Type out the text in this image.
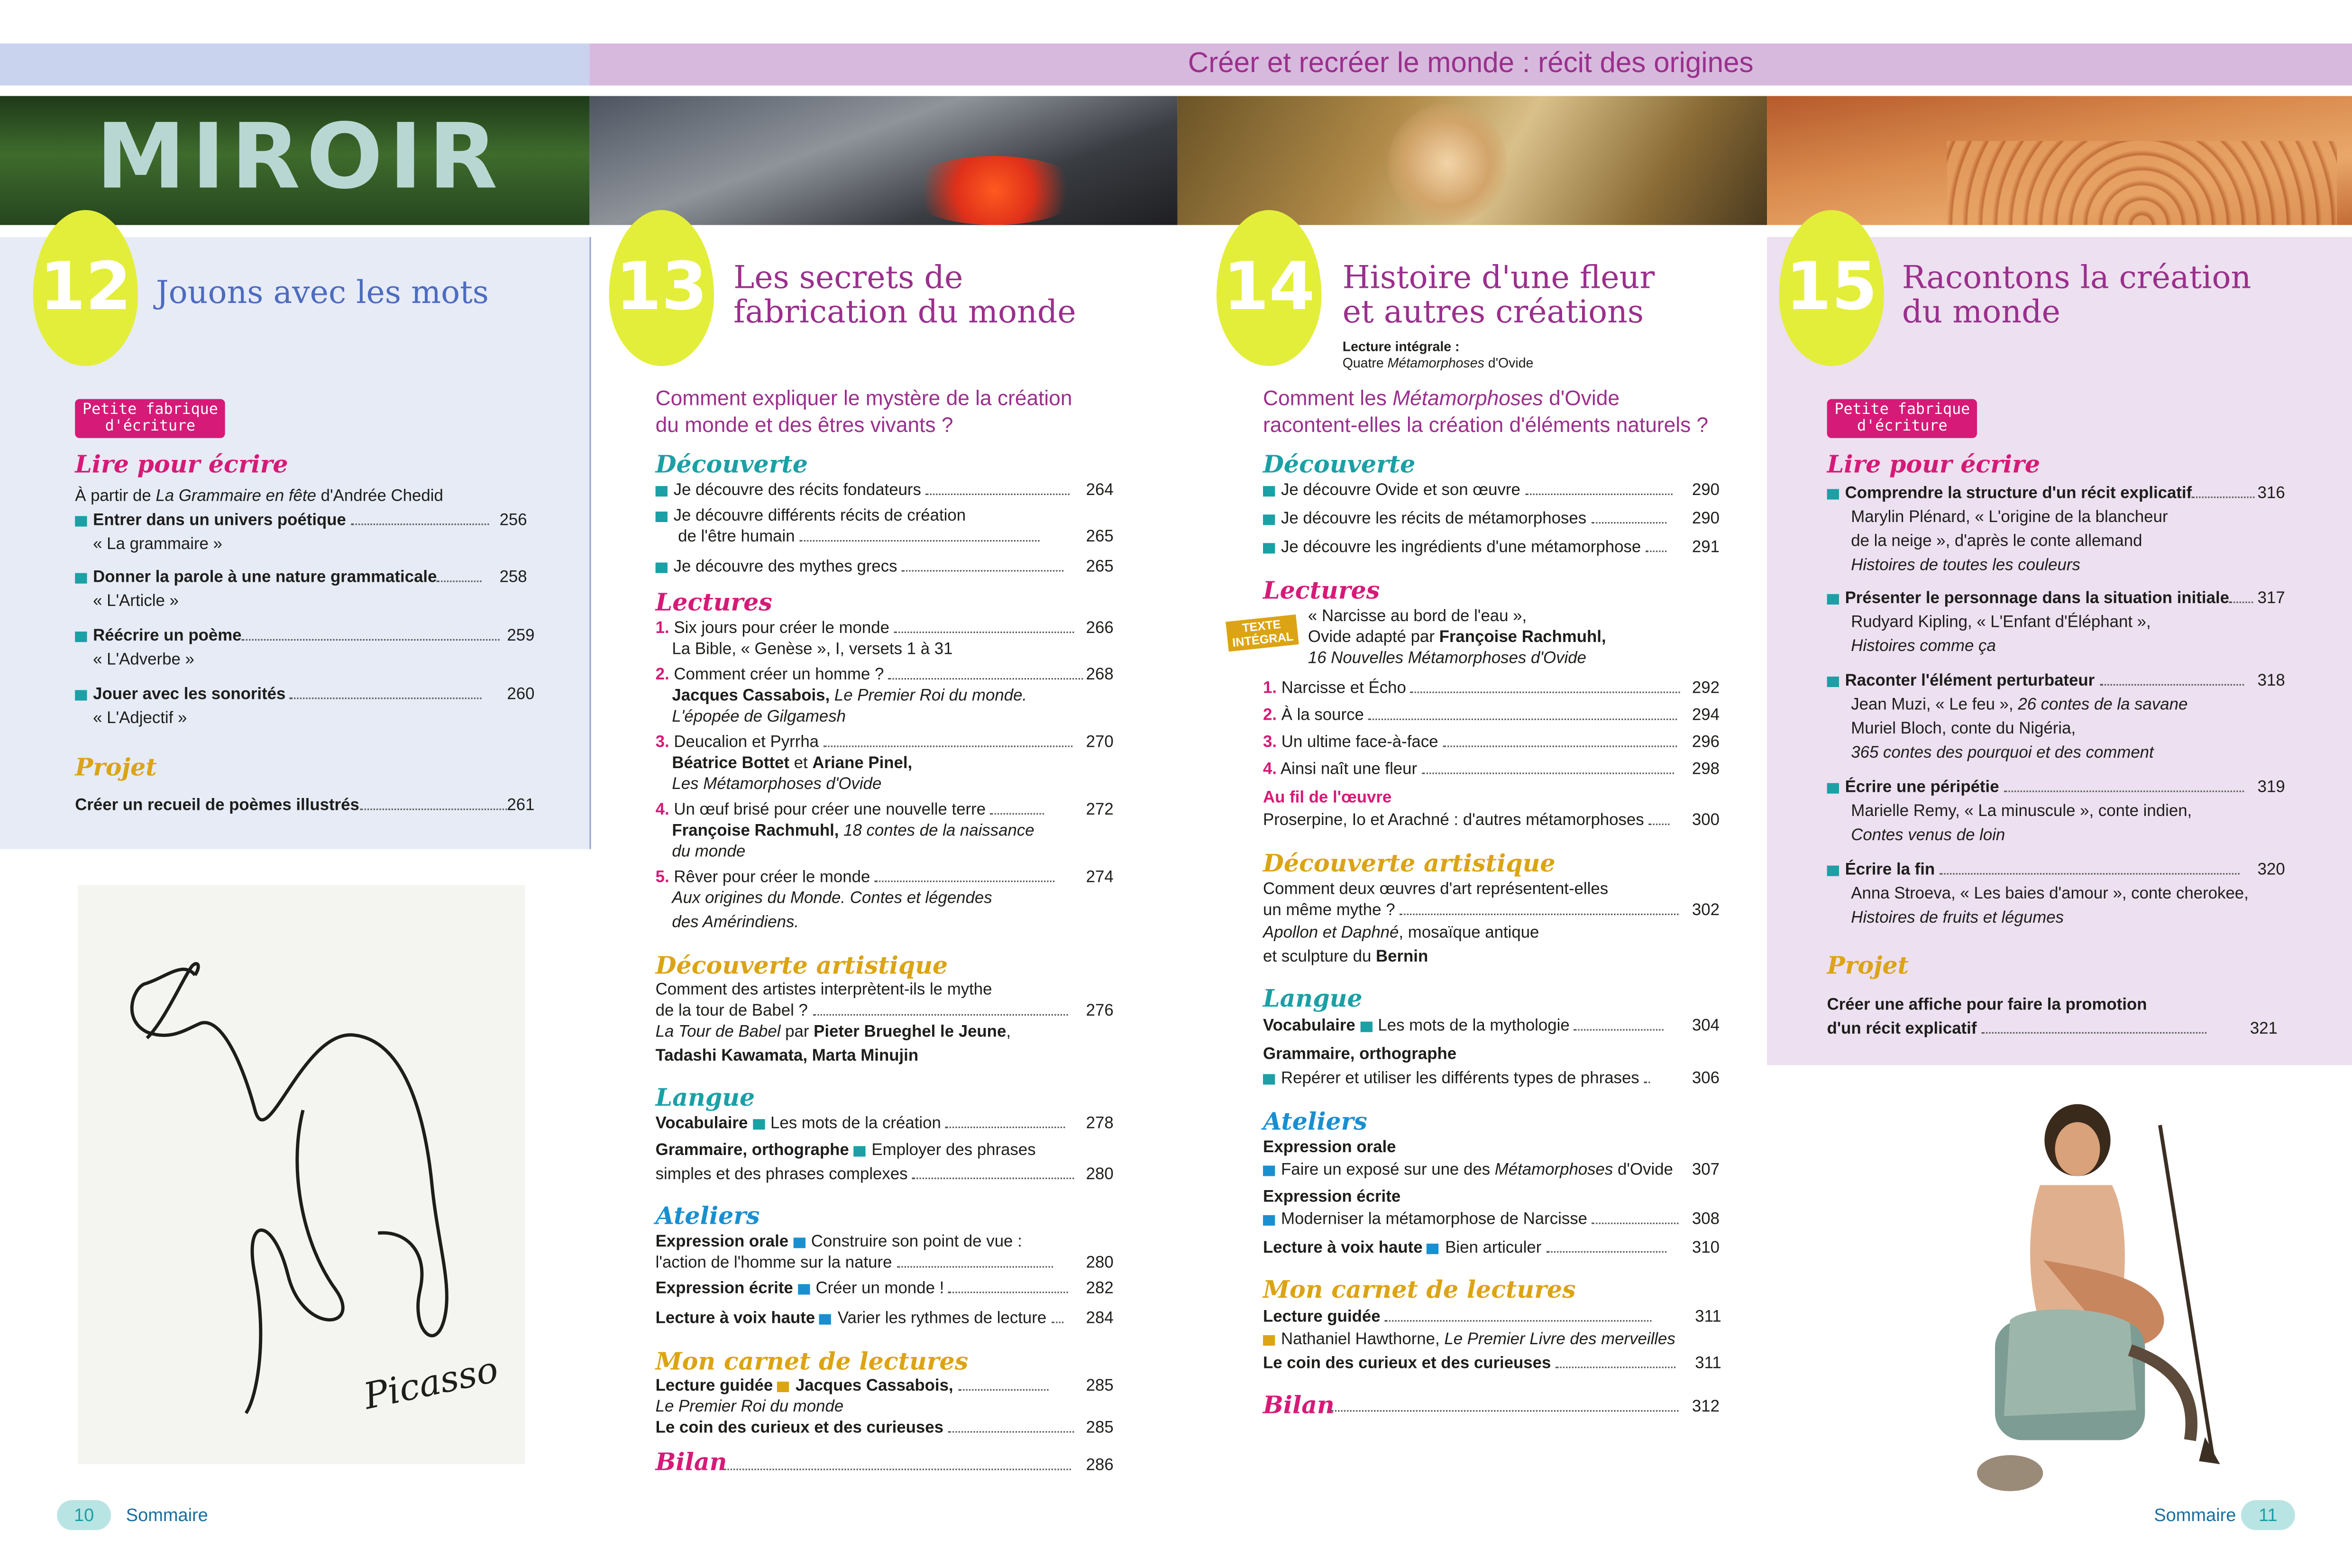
Créer et recréer le monde : récit des origines
MIROIR
12	Jouons avec les mots
Petite fabrique
d'écriture
Lire pour écrire
À partir de La Grammaire en fête d'Andrée Chedid
Entrer dans un univers poétique	256
« La grammaire »
Donner la parole à une nature grammaticale	258
« L'Article »
Réécrire un poème	259
« L'Adverbe »
Jouer avec les sonorités	260
« L'Adjectif »
Projet
Créer un recueil de poèmes illustrés	261
Picasso
13	Les secrets de
fabrication du monde
Comment expliquer le mystère de la création
du monde et des êtres vivants ?
Découverte
Je découvre des récits fondateurs	264
Je découvre différents récits de création
de l'être humain	265
Je découvre des mythes grecs	265
Lectures
1. Six jours pour créer le monde	266
La Bible, « Genèse », I, versets 1 à 31
2. Comment créer un homme ?	268
Jacques Cassabois, Le Premier Roi du monde.
L'épopée de Gilgamesh
3. Deucalion et Pyrrha	270
Béatrice Bottet et Ariane Pinel,
Les Métamorphoses d'Ovide
4. Un œuf brisé pour créer une nouvelle terre	272
Françoise Rachmuhl, 18 contes de la naissance
du monde
5. Rêver pour créer le monde	274
Aux origines du Monde. Contes et légendes
des Amérindiens.
Découverte artistique
Comment des artistes interprètent-ils le mythe
de la tour de Babel ?	276
La Tour de Babel par Pieter Brueghel le Jeune,
Tadashi Kawamata, Marta Minujin
Langue
Vocabulaire	Les mots de la création	278
Grammaire, orthographe	Employer des phrases
simples et des phrases complexes	280
Ateliers
Expression orale	Construire son point de vue :
l'action de l'homme sur la nature	280
Expression écrite	Créer un monde !	282
Lecture à voix haute	Varier les rythmes de lecture	284
Mon carnet de lectures
Lecture guidée	Jacques Cassabois,	285
Le Premier Roi du monde
Le coin des curieux et des curieuses	285
Bilan	286
14	Histoire d'une fleur
et autres créations
Lecture intégrale :
Quatre Métamorphoses d'Ovide
Comment les Métamorphoses d'Ovide
racontent-elles la création d'éléments naturels ?
Découverte
Je découvre Ovide et son œuvre	290
Je découvre les récits de métamorphoses	290
Je découvre les ingrédients d'une métamorphose	291
Lectures
TEXTE
INTÉGRAL
« Narcisse au bord de l'eau »,
Ovide adapté par Françoise Rachmuhl,
16 Nouvelles Métamorphoses d'Ovide
1. Narcisse et Écho	292
2. À la source	294
3. Un ultime face-à-face	296
4. Ainsi naît une fleur	298
Au fil de l'œuvre
Proserpine, Io et Arachné : d'autres métamorphoses	300
Découverte artistique
Comment deux œuvres d'art représentent-elles
un même mythe ?	302
Apollon et Daphné, mosaïque antique
et sculpture du Bernin
Langue
Vocabulaire	Les mots de la mythologie	304
Grammaire, orthographe
Repérer et utiliser les différents types de phrases	306
Ateliers
Expression orale
Faire un exposé sur une des Métamorphoses d'Ovide	307
Expression écrite
Moderniser la métamorphose de Narcisse	308
Lecture à voix haute	Bien articuler	310
Mon carnet de lectures
Lecture guidée	311
Nathaniel Hawthorne, Le Premier Livre des merveilles
Le coin des curieux et des curieuses	311
Bilan	312
15	Racontons la création
du monde
Petite fabrique
d'écriture
Lire pour écrire
Comprendre la structure d'un récit explicatif	316
Marylin Plénard, « L'origine de la blancheur
de la neige », d'après le conte allemand
Histoires de toutes les couleurs
Présenter le personnage dans la situation initiale	317
Rudyard Kipling, « L'Enfant d'Éléphant »,
Histoires comme ça
Raconter l'élément perturbateur	318
Jean Muzi, « Le feu », 26 contes de la savane
Muriel Bloch, conte du Nigéria,
365 contes des pourquoi et des comment
Écrire une péripétie	319
Marielle Remy, « La minuscule », conte indien,
Contes venus de loin
Écrire la fin	320
Anna Stroeva, « Les baies d'amour », conte cherokee,
Histoires de fruits et légumes
Projet
Créer une affiche pour faire la promotion
d'un récit explicatif	321
10	Sommaire	Sommaire	11
